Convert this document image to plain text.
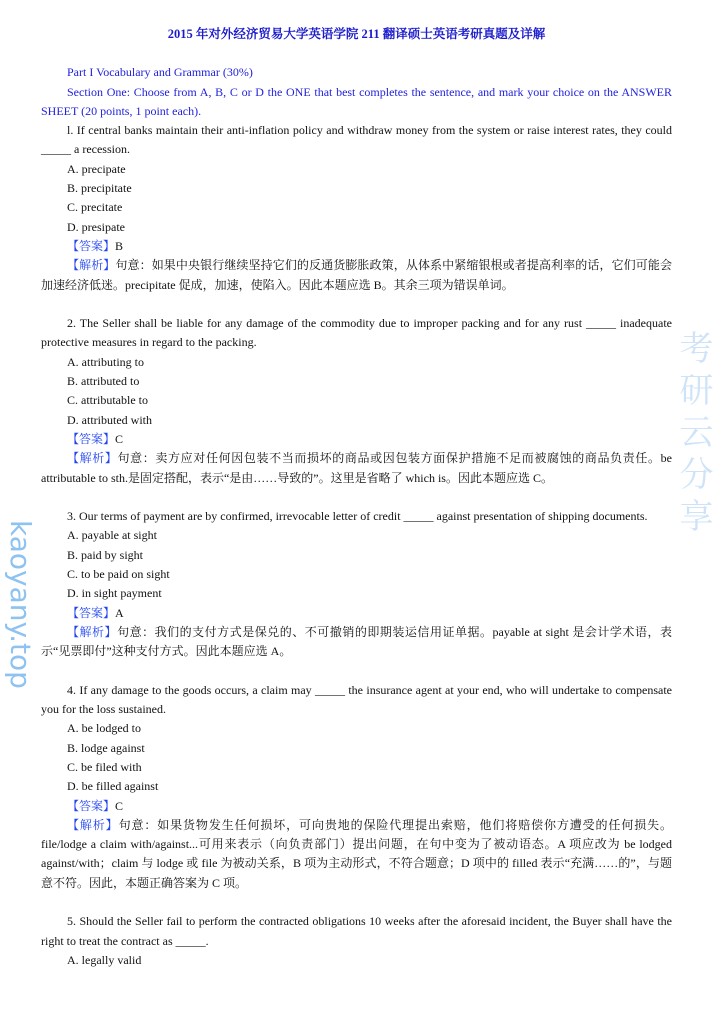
考研云分享
kaoyany.top
2015 年对外经济贸易大学英语学院 211 翻译硕士英语考研真题及详解
Part I Vocabulary and Grammar (30%)
Section One: Choose from A, B, C or D the ONE that best completes the sentence, and mark your choice on the ANSWER SHEET (20 points, 1 point each).
l. If central banks maintain their anti-inflation policy and withdraw money from the system or raise interest rates, they could _____ a recession.
A. precipate
B. precipitate
C. precitate
D. presipate
【答案】B
【解析】句意：如果中央银行继续坚持它们的反通货膨胀政策，从体系中紧缩银根或者提高利率的话，它们可能会加速经济低迷。precipitate 促成，加速，使陷入。因此本题应选 B。其余三项为错误单词。
2. The Seller shall be liable for any damage of the commodity due to improper packing and for any rust _____ inadequate protective measures in regard to the packing.
A. attributing to
B. attributed to
C. attributable to
D. attributed with
【答案】C
【解析】句意：卖方应对任何因包装不当而损坏的商品或因包装方面保护措施不足而被腐蚀的商品负责任。be attributable to sth.是固定搭配，表示“是由……导致的”。这里是省略了 which is。因此本题应选 C。
3. Our terms of payment are by confirmed, irrevocable letter of credit _____ against presentation of shipping documents.
A. payable at sight
B. paid by sight
C. to be paid on sight
D. in sight payment
【答案】A
【解析】句意：我们的支付方式是保兑的、不可撤销的即期装运信用证单据。payable at sight 是会计学术语，表示“见票即付”这种支付方式。因此本题应选 A。
4. If any damage to the goods occurs, a claim may _____ the insurance agent at your end, who will undertake to compensate you for the loss sustained.
A. be lodged to
B. lodge against
C. be filed with
D. be filled against
【答案】C
【解析】句意：如果货物发生任何损坏，可向贵地的保险代理提出索赔，他们将赔偿你方遭受的任何损失。file/lodge a claim with/against...可用来表示（向负责部门）提出问题，在句中变为了被动语态。A 项应改为 be lodged against/with；claim 与 lodge 或 file 为被动关系，B 项为主动形式，不符合题意；D 项中的 filled 表示“充满……的”，与题意不符。因此，本题正确答案为 C 项。
5. Should the Seller fail to perform the contracted obligations 10 weeks after the aforesaid incident, the Buyer shall have the right to treat the contract as _____.
A. legally valid
